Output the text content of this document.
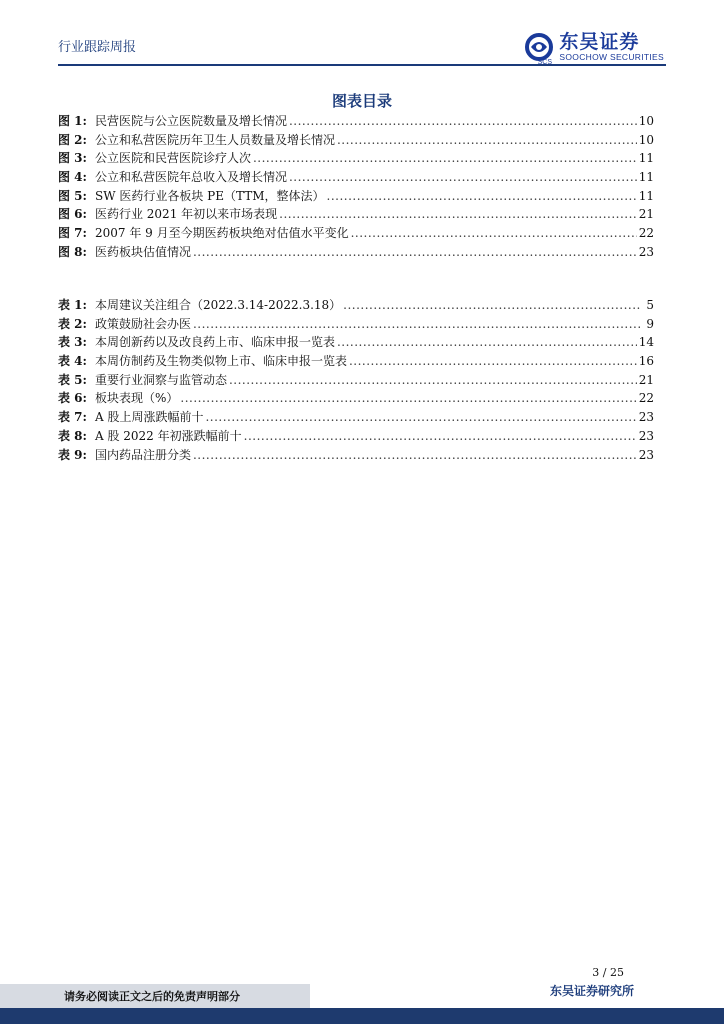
行业跟踪周报	东吴证券
SOOCHOW SECURITIES
SCS
图表目录
图 1: 民营医院与公立医院数量及增长情况 .....	10
图 2: 公立和私营医院历年卫生人员数量及增长情况 .....	10
图 3: 公立医院和民营医院诊疗人次 .....	11
图 4: 公立和私营医院年总收入及增长情况 .....	11
图 5: SW 医药行业各板块 PE（TTM，整体法） .....	11
图 6: 医药行业 2021 年初以来市场表现 .....	21
图 7: 2007 年 9 月至今期医药板块绝对估值水平变化 .....	22
图 8: 医药板块估值情况 .....	23
表 1: 本周建议关注组合（2022.3.14-2022.3.18） .....	5
表 2: 政策鼓励社会办医 .....	9
表 3: 本周创新药以及改良药上市、临床申报一览表 .....	14
表 4: 本周仿制药及生物类似物上市、临床申报一览表 .....	16
表 5: 重要行业洞察与监管动态 .....	21
表 6: 板块表现（%） .....	22
表 7: A 股上周涨跌幅前十 .....	23
表 8: A 股 2022 年初涨跌幅前十 .....	23
表 9: 国内药品注册分类 .....	23
3 / 25
请务必阅读正文之后的免责声明部分	东吴证券研究所
